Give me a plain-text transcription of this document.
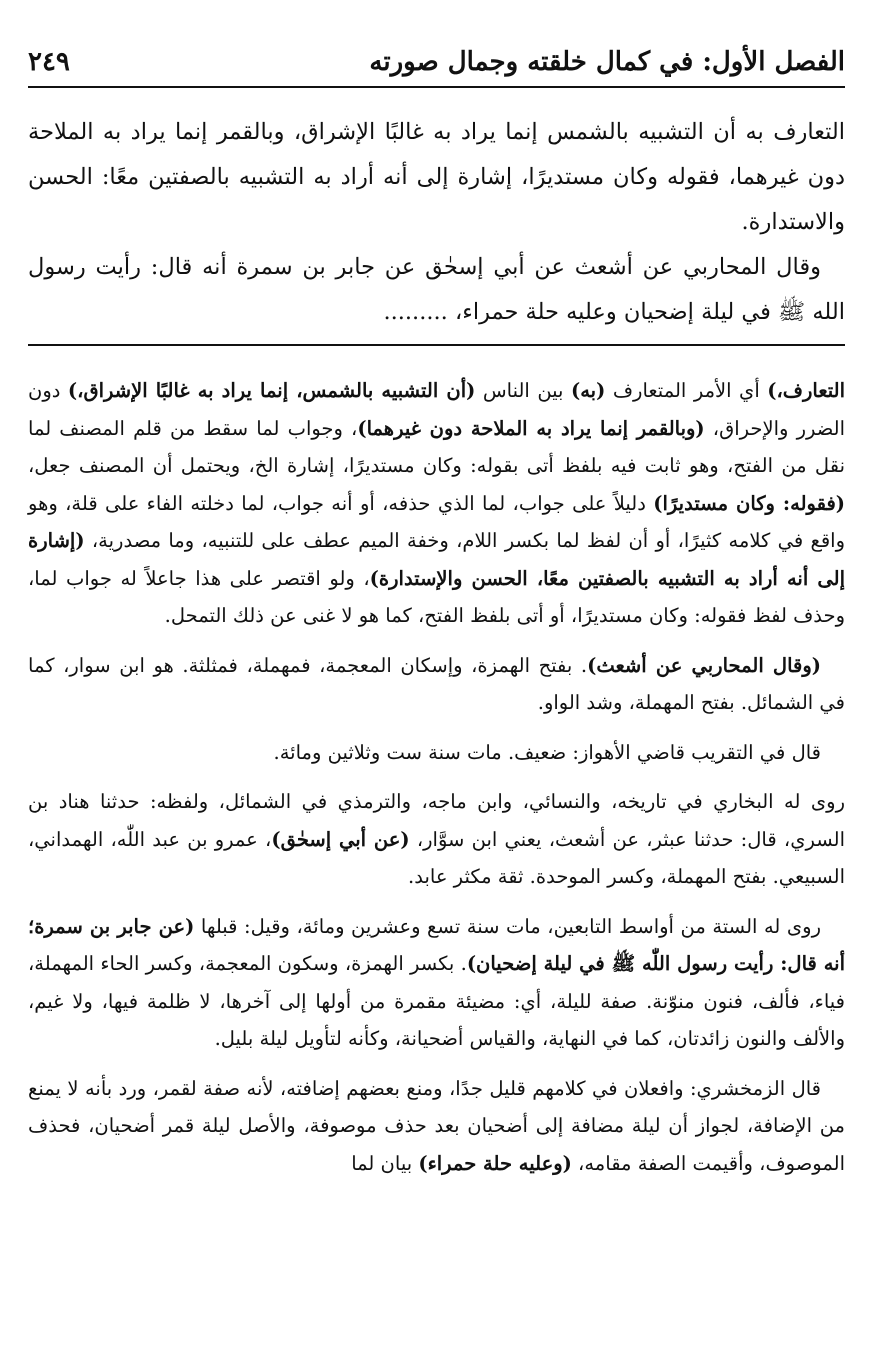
الفصل الأول: في كمال خلقته وجمال صورته
٢٤٩

التعارف به أن التشبيه بالشمس إنما يراد به غالبًا الإشراق، وبالقمر إنما يراد به الملاحة دون غيرهما، فقوله وكان مستديرًا، إشارة إلى أنه أراد به التشبيه بالصفتين معًا: الحسن والاستدارة.

وقال المحاربي عن أشعث عن أبي إسحٰق عن جابر بن سمرة أنه قال: رأيت رسول الله ﷺ في ليلة إضحيان وعليه حلة حمراء، .........

التعارف،) أي الأمر المتعارف (به) بين الناس (أن التشبيه بالشمس، إنما يراد به غالبًا الإشراق،) دون الضرر والإحراق، (وبالقمر إنما يراد به الملاحة دون غيرهما)، وجواب لما سقط من قلم المصنف لما نقل من الفتح، وهو ثابت فيه بلفظ أتى بقوله: وكان مستديرًا، إشارة الخ، ويحتمل أن المصنف جعل، (فقوله: وكان مستديرًا) دليلاً على جواب، لما الذي حذفه، أو أنه جواب، لما دخلته الفاء على قلة، وهو واقع في كلامه كثيرًا، أو أن لفظ لما بكسر اللام، وخفة الميم عطف على للتنبيه، وما مصدرية، (إشارة إلى أنه أراد به التشبيه بالصفتين معًا، الحسن والإستدارة)، ولو اقتصر على هذا جاعلاً له جواب لما، وحذف لفظ فقوله: وكان مستديرًا، أو أتى بلفظ الفتح، كما هو لا غنى عن ذلك التمحل.

(وقال المحاربي عن أشعث). بفتح الهمزة، وإسكان المعجمة، فمهملة، فمثلثة. هو ابن سوار، كما في الشمائل. بفتح المهملة، وشد الواو.

قال في التقريب قاضي الأهواز: ضعيف. مات سنة ست وثلاثين ومائة.

روى له البخاري في تاريخه، والنسائي، وابن ماجه، والترمذي في الشمائل، ولفظه: حدثنا هناد بن السري، قال: حدثنا عبثر، عن أشعث، يعني ابن سوَّار، (عن أبي إسحٰق)، عمرو بن عبد اللّٰه، الهمداني، السبيعي. بفتح المهملة، وكسر الموحدة. ثقة مكثر عابد.

روى له الستة من أواسط التابعين، مات سنة تسع وعشرين ومائة، وقيل: قبلها (عن جابر بن سمرة؛ أنه قال: رأيت رسول اللّٰه ﷺ في ليلة إضحيان). بكسر الهمزة، وسكون المعجمة، وكسر الحاء المهملة، فياء، فألف، فنون منوّنة. صفة لليلة، أي: مضيئة مقمرة من أولها إلى آخرها، لا ظلمة فيها، ولا غيم، والألف والنون زائدتان، كما في النهاية، والقياس أضحيانة، وكأنه لتأويل ليلة بليل.

قال الزمخشري: وافعلان في كلامهم قليل جدًا، ومنع بعضهم إضافته، لأنه صفة لقمر، ورد بأنه لا يمنع من الإضافة، لجواز أن ليلة مضافة إلى أضحيان بعد حذف موصوفة، والأصل ليلة قمر أضحيان، فحذف الموصوف، وأقيمت الصفة مقامه، (وعليه حلة حمراء) بيان لما
